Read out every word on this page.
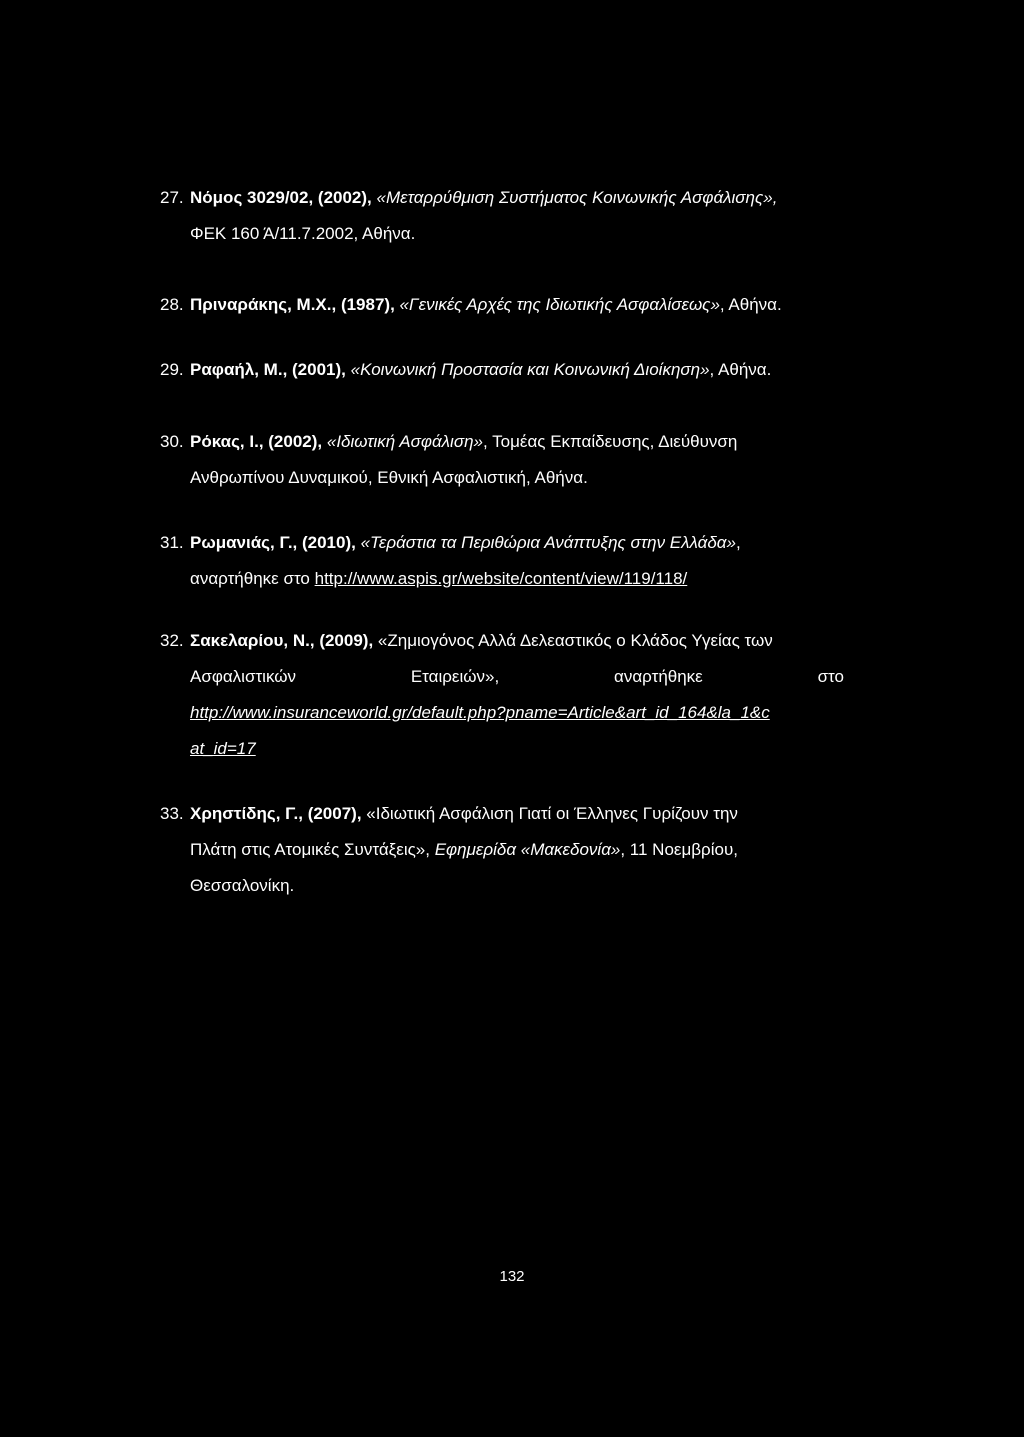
27. Νόμος 3029/02, (2002), «Μεταρρύθμιση Συστήματος Κοινωνικής Ασφάλισης»,
ΦΕΚ 160 Ά/11.7.2002, Αθήνα.
28. Πριναράκης, Μ.Χ., (1987), «Γενικές Αρχές της Ιδιωτικής Ασφαλίσεως», Αθήνα.
29. Ραφαήλ, Μ., (2001), «Κοινωνική Προστασία και Κοινωνική Διοίκηση», Αθήνα.
30. Ρόκας, Ι., (2002), «Ιδιωτική Ασφάλιση», Τομέας Εκπαίδευσης, Διεύθυνση
Ανθρωπίνου Δυναμικού, Εθνική Ασφαλιστική, Αθήνα.
31. Ρωμανιάς, Γ., (2010), «Τεράστια τα Περιθώρια Ανάπτυξης στην Ελλάδα»,
αναρτήθηκε στο http://www.aspis.gr/website/content/view/119/118/
32. Σακελαρίου, Ν., (2009), «Ζημιογόνος Αλλά Δελεαστικός ο Κλάδος Υγείας των
Ασφαλιστικών Εταιρειών», αναρτήθηκε στο
http://www.insuranceworld.gr/default.php?pname=Article&art_id_164&la_1&c
at_id=17
33. Χρηστίδης, Γ., (2007), «Ιδιωτική Ασφάλιση Γιατί οι Έλληνες Γυρίζουν την
Πλάτη στις Ατομικές Συντάξεις», Εφημερίδα «Μακεδονία», 11 Νοεμβρίου,
Θεσσαλονίκη.
132
